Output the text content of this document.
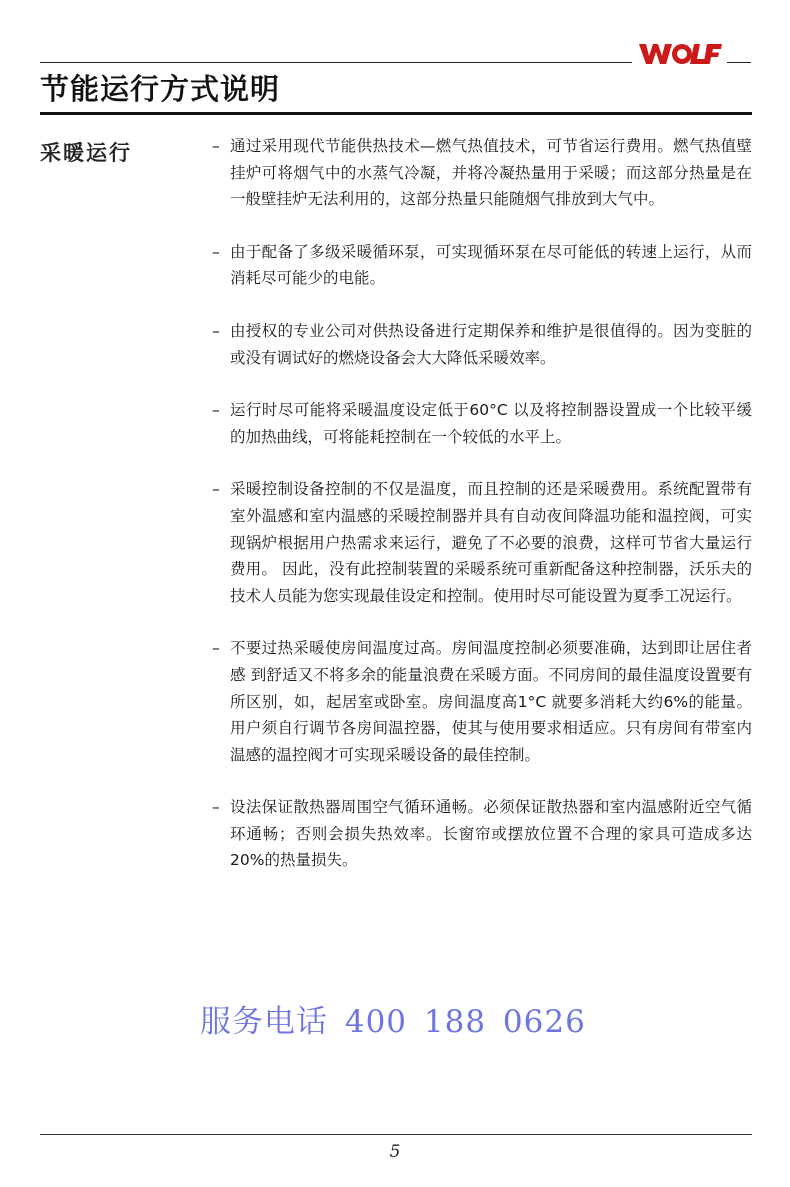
节能运行方式说明
采暖运行	– 通过采用现代节能供热技术—燃气热值技术，可节省运行费用。燃气热值壁挂炉可将烟气中的水蒸气冷凝，并将冷凝热量用于采暖；而这部分热量是在一般壁挂炉无法利用的，这部分热量只能随烟气排放到大气中。
– 由于配备了多级采暖循环泵，可实现循环泵在尽可能低的转速上运行，从而消耗尽可能少的电能。
– 由授权的专业公司对供热设备进行定期保养和维护是很值得的。因为变脏的或没有调试好的燃烧设备会大大降低采暖效率。
– 运行时尽可能将采暖温度设定低于60°C 以及将控制器设置成一个比较平缓的加热曲线，可将能耗控制在一个较低的水平上。
– 采暖控制设备控制的不仅是温度，而且控制的还是采暖费用。系统配置带有室外温感和室内温感的采暖控制器并具有自动夜间降温功能和温控阀，可实现锅炉根据用户热需求来运行，避免了不必要的浪费，这样可节省大量运行费用。 因此，没有此控制装置的采暖系统可重新配备这种控制器，沃乐夫的技术人员能为您实现最佳设定和控制。使用时尽可能设置为夏季工况运行。
– 不要过热采暖使房间温度过高。房间温度控制必须要准确，达到即让居住者感 到舒适又不将多余的能量浪费在采暖方面。不同房间的最佳温度设置要有所区别，如，起居室或卧室。房间温度高1°C 就要多消耗大约6%的能量。用户须自行调节各房间温控器，使其与使用要求相适应。只有房间有带室内温感的温控阀才可实现采暖设备的最佳控制。
– 设法保证散热器周围空气循环通畅。必须保证散热器和室内温感附近空气循环通畅；否则会损失热效率。长窗帘或摆放位置不合理的家具可造成多达 20%的热量损失。
服务电话 400 188 0626
5
